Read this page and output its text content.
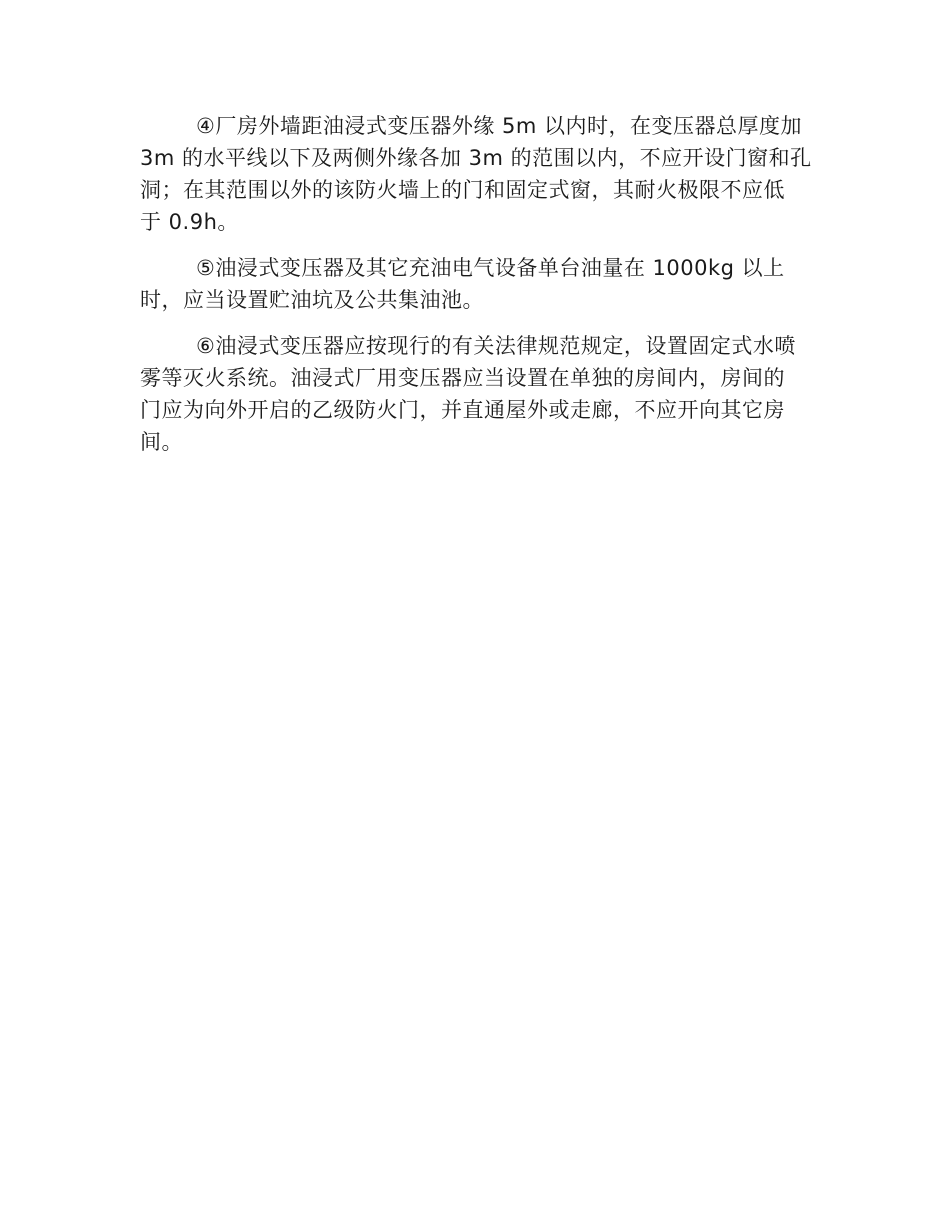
④厂房外墙距油浸式变压器外缘 5m 以内时，在变压器总厚度加
3m 的水平线以下及两侧外缘各加 3m 的范围以内，不应开设门窗和孔
洞；在其范围以外的该防火墙上的门和固定式窗，其耐火极限不应低
于 0.9h。

⑤油浸式变压器及其它充油电气设备单台油量在 1000kg 以上
时，应当设置贮油坑及公共集油池。

⑥油浸式变压器应按现行的有关法律规范规定，设置固定式水喷
雾等灭火系统。油浸式厂用变压器应当设置在单独的房间内，房间的
门应为向外开启的乙级防火门，并直通屋外或走廊，不应开向其它房
间。
